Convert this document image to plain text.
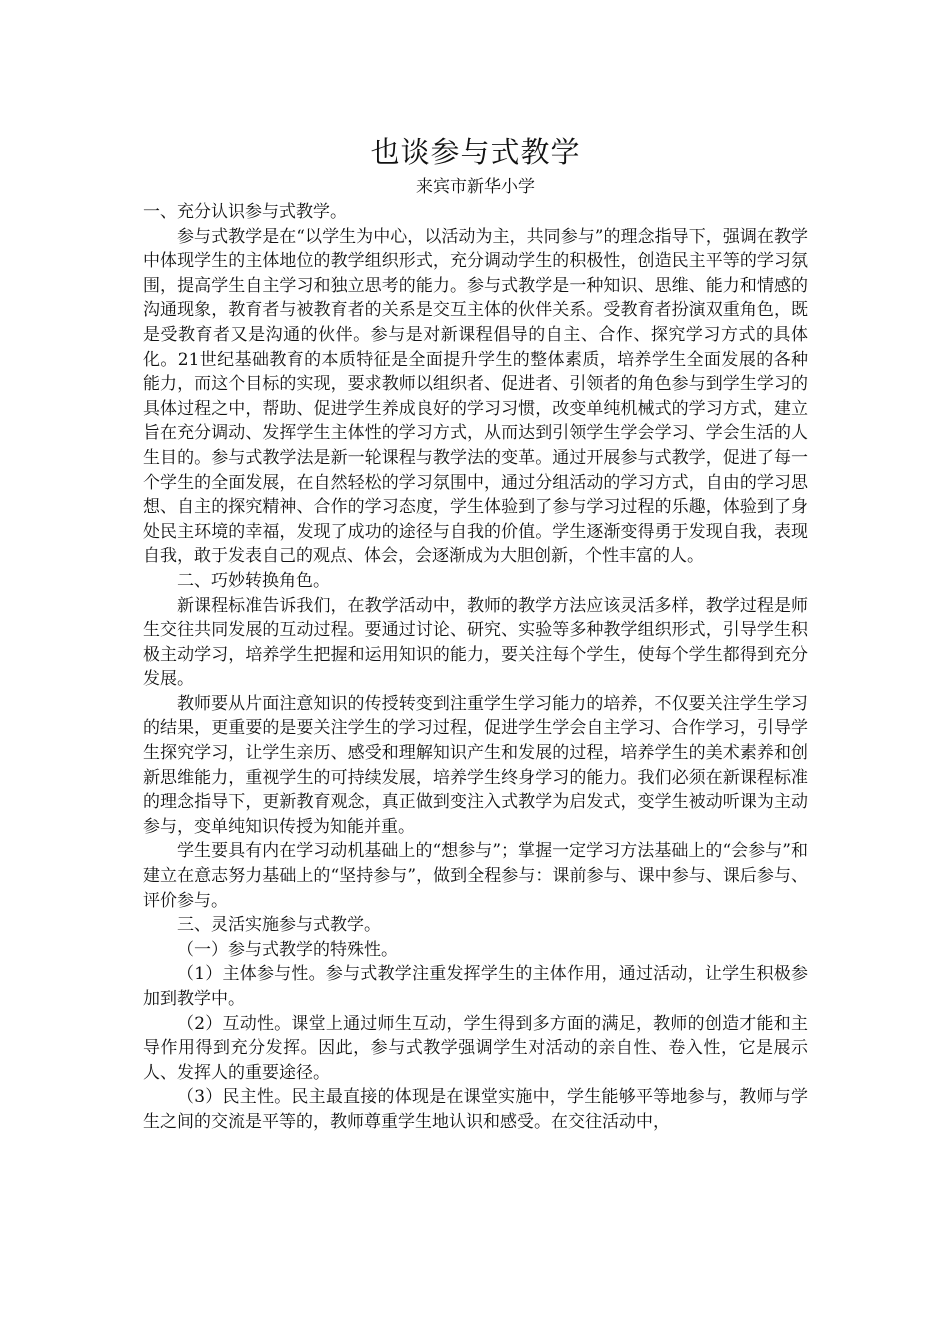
也谈参与式教学

来宾市新华小学

一、充分认识参与式教学。

参与式教学是在“以学生为中心，以活动为主，共同参与”的理念指导下，强调在教学中体现学生的主体地位的教学组织形式，充分调动学生的积极性，创造民主平等的学习氛围，提高学生自主学习和独立思考的能力。参与式教学是一种知识、思维、能力和情感的沟通现象，教育者与被教育者的关系是交互主体的伙伴关系。受教育者扮演双重角色，既是受教育者又是沟通的伙伴。参与是对新课程倡导的自主、合作、探究学习方式的具体化。21世纪基础教育的本质特征是全面提升学生的整体素质，培养学生全面发展的各种能力，而这个目标的实现，要求教师以组织者、促进者、引领者的角色参与到学生学习的具体过程之中，帮助、促进学生养成良好的学习习惯，改变单纯机械式的学习方式，建立旨在充分调动、发挥学生主体性的学习方式，从而达到引领学生学会学习、学会生活的人生目的。参与式教学法是新一轮课程与教学法的变革。通过开展参与式教学，促进了每一个学生的全面发展，在自然轻松的学习氛围中，通过分组活动的学习方式，自由的学习思想、自主的探究精神、合作的学习态度，学生体验到了参与学习过程的乐趣，体验到了身处民主环境的幸福，发现了成功的途径与自我的价值。学生逐渐变得勇于发现自我，表现自我，敢于发表自己的观点、体会，会逐渐成为大胆创新，个性丰富的人。

二、巧妙转换角色。

新课程标准告诉我们，在教学活动中，教师的教学方法应该灵活多样，教学过程是师生交往共同发展的互动过程。要通过讨论、研究、实验等多种教学组织形式，引导学生积极主动学习，培养学生把握和运用知识的能力，要关注每个学生，使每个学生都得到充分发展。

教师要从片面注意知识的传授转变到注重学生学习能力的培养，不仅要关注学生学习的结果，更重要的是要关注学生的学习过程，促进学生学会自主学习、合作学习，引导学生探究学习，让学生亲历、感受和理解知识产生和发展的过程，培养学生的美术素养和创新思维能力，重视学生的可持续发展，培养学生终身学习的能力。我们必须在新课程标准的理念指导下，更新教育观念，真正做到变注入式教学为启发式，变学生被动听课为主动参与，变单纯知识传授为知能并重。

学生要具有内在学习动机基础上的“想参与”；掌握一定学习方法基础上的“会参与”和建立在意志努力基础上的“坚持参与”，做到全程参与：课前参与、课中参与、课后参与、评价参与。

三、灵活实施参与式教学。

（一）参与式教学的特殊性。

（1）主体参与性。参与式教学注重发挥学生的主体作用，通过活动，让学生积极参加到教学中。

（2）互动性。课堂上通过师生互动，学生得到多方面的满足，教师的创造才能和主导作用得到充分发挥。因此，参与式教学强调学生对活动的亲自性、卷入性，它是展示人、发挥人的重要途径。

（3）民主性。民主最直接的体现是在课堂实施中，学生能够平等地参与，教师与学生之间的交流是平等的，教师尊重学生地认识和感受。在交往活动中，
